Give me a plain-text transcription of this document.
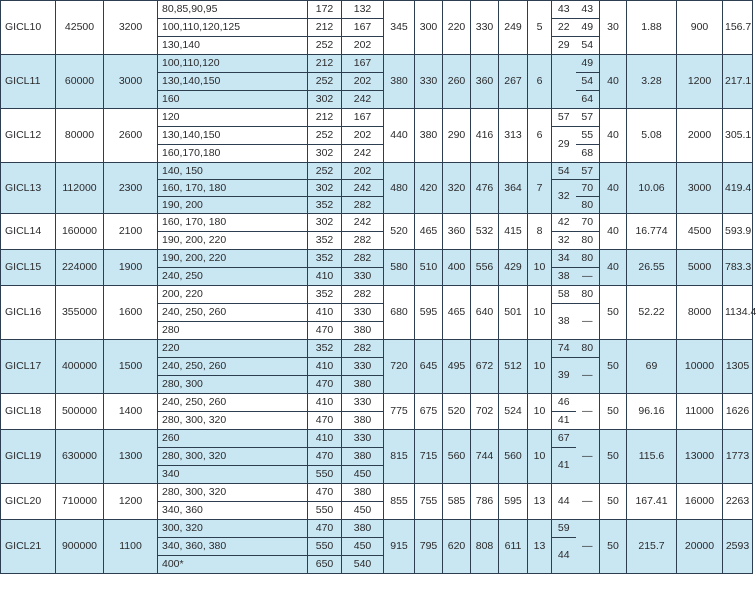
GICL10	42500	3200	80,85,90,95	172	132	345	300	220	330	249	5	43	43	30	1.88	900	156.7
			100,110,120,125	212	167							22	49				
			130,140	252	202							29	54				
GICL11	60000	3000	100,110,120	212	167	380	330	260	360	267	6		49	40	3.28	1200	217.1
			130,140,150	252	202								54				
			160	302	242								64				
GICL12	80000	2600	120	212	167	440	380	290	416	313	6	57	57	40	5.08	2000	305.1
			130,140,150	252	202							29	55				
			160,170,180	302	242								68				
GICL13	112000	2300	140, 150	252	202	480	420	320	476	364	7	54	57	40	10.06	3000	419.4
			160, 170, 180	302	242							32	70				
			190, 200	352	282								80				
GICL14	160000	2100	160, 170, 180	302	242	520	465	360	532	415	8	42	70	40	16.774	4500	593.9
			190, 200, 220	352	282							32	80				
GICL15	224000	1900	190, 200, 220	352	282	580	510	400	556	429	10	34	80	40	26.55	5000	783.3
			240, 250	410	330							38	—				
GICL16	355000	1600	200, 220	352	282	680	595	465	640	501	10	58	80	50	52.22	8000	1134.4
			240, 250, 260	410	330							38	—				
			280	470	380												
GICL17	400000	1500	220	352	282	720	645	495	672	512	10	74	80	50	69	10000	1305
			240, 250, 260	410	330							39	—				
			280, 300	470	380												
GICL18	500000	1400	240, 250, 260	410	330	775	675	520	702	524	10	46	—	50	96.16	11000	1626
			280, 300, 320	470	380							41					
GICL19	630000	1300	260	410	330	815	715	560	744	560	10	67	—	50	115.6	13000	1773
			280, 300, 320	470	380							41					
			340	550	450												
GICL20	710000	1200	280, 300, 320	470	380	855	755	585	786	595	13	44	—	50	167.41	16000	2263
			340, 360	550	450												
GICL21	900000	1100	300, 320	470	380	915	795	620	808	611	13	59	—	50	215.7	20000	2593
			340, 360, 380	550	450							44					
			400*	650	540												
